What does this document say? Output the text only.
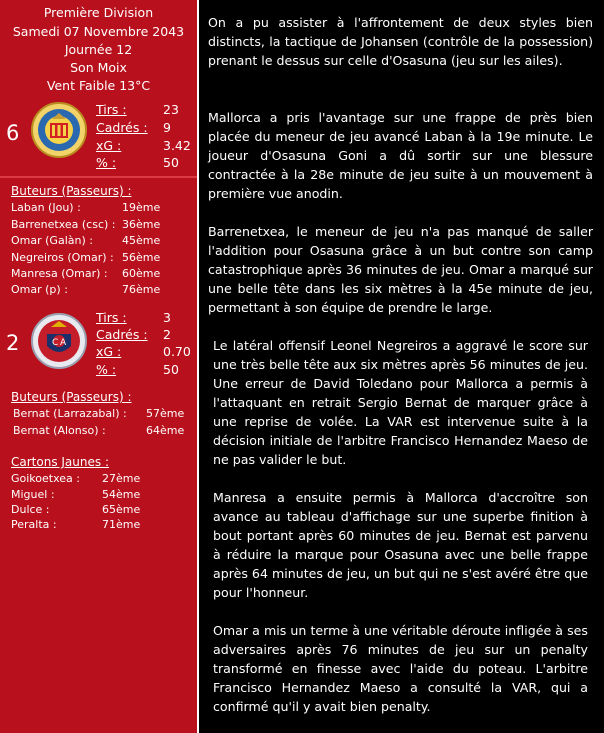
Première Division
Samedi 07 Novembre 2043
Journée 12
Son Moix
Vent Faible 13°C
6
Tirs :	23
Cadrés : 9
xG :	3.42
% :	50
Buteurs (Passeurs) :
Laban (Jou) :	19ème
Barrenetxea (csc) : 36ème
Omar (Galàn) :	45ème
Negreiros (Omar) : 56ème
Manresa (Omar) : 60ème
Omar (p) :	76ème
2	C A
Tirs :	3
Cadrés : 2
xG :	0.70
% :	50
Buteurs (Passeurs) :
Bernat (Larrazabal) : 57ème
Bernat (Alonso) :	64ème
Cartons Jaunes :
Goikoetxea : 27ème
Miguel :	54ème
Dulce :	65ème
Peralta :	71ème
On a pu assister à l'affrontement de deux styles bien distincts, la tactique de Johansen (contrôle de la possession) prenant le dessus sur celle d'Osasuna (jeu sur les ailes).
Mallorca a pris l'avantage sur une frappe de près bien placée du meneur de jeu avancé Laban à la 19e minute. Le joueur d'Osasuna Goni a dû sortir sur une blessure contractée à la 28e minute de jeu suite à un mouvement à première vue anodin.
Barrenetxea, le meneur de jeu n'a pas manqué de saller l'addition pour Osasuna grâce à un but contre son camp catastrophique après 36 minutes de jeu. Omar a marqué sur une belle tête dans les six mètres à la 45e minute de jeu, permettant à son équipe de prendre le large.
Le latéral offensif Leonel Negreiros a aggravé le score sur une très belle tête aux six mètres après 56 minutes de jeu. Une erreur de David Toledano pour Mallorca a permis à l'attaquant en retrait Sergio Bernat de marquer grâce à une reprise de volée. La VAR est intervenue suite à la décision initiale de l'arbitre Francisco Hernandez Maeso de ne pas valider le but.
Manresa a ensuite permis à Mallorca d'accroître son avance au tableau d'affichage sur une superbe finition à bout portant après 60 minutes de jeu. Bernat est parvenu à réduire la marque pour Osasuna avec une belle frappe après 64 minutes de jeu, un but qui ne s'est avéré être que pour l'honneur.
Omar a mis un terme à une véritable déroute infligée à ses adversaires après 76 minutes de jeu sur un penalty transformé en finesse avec l'aide du poteau. L'arbitre Francisco Hernandez Maeso a consulté la VAR, qui a confirmé qu'il y avait bien penalty.
